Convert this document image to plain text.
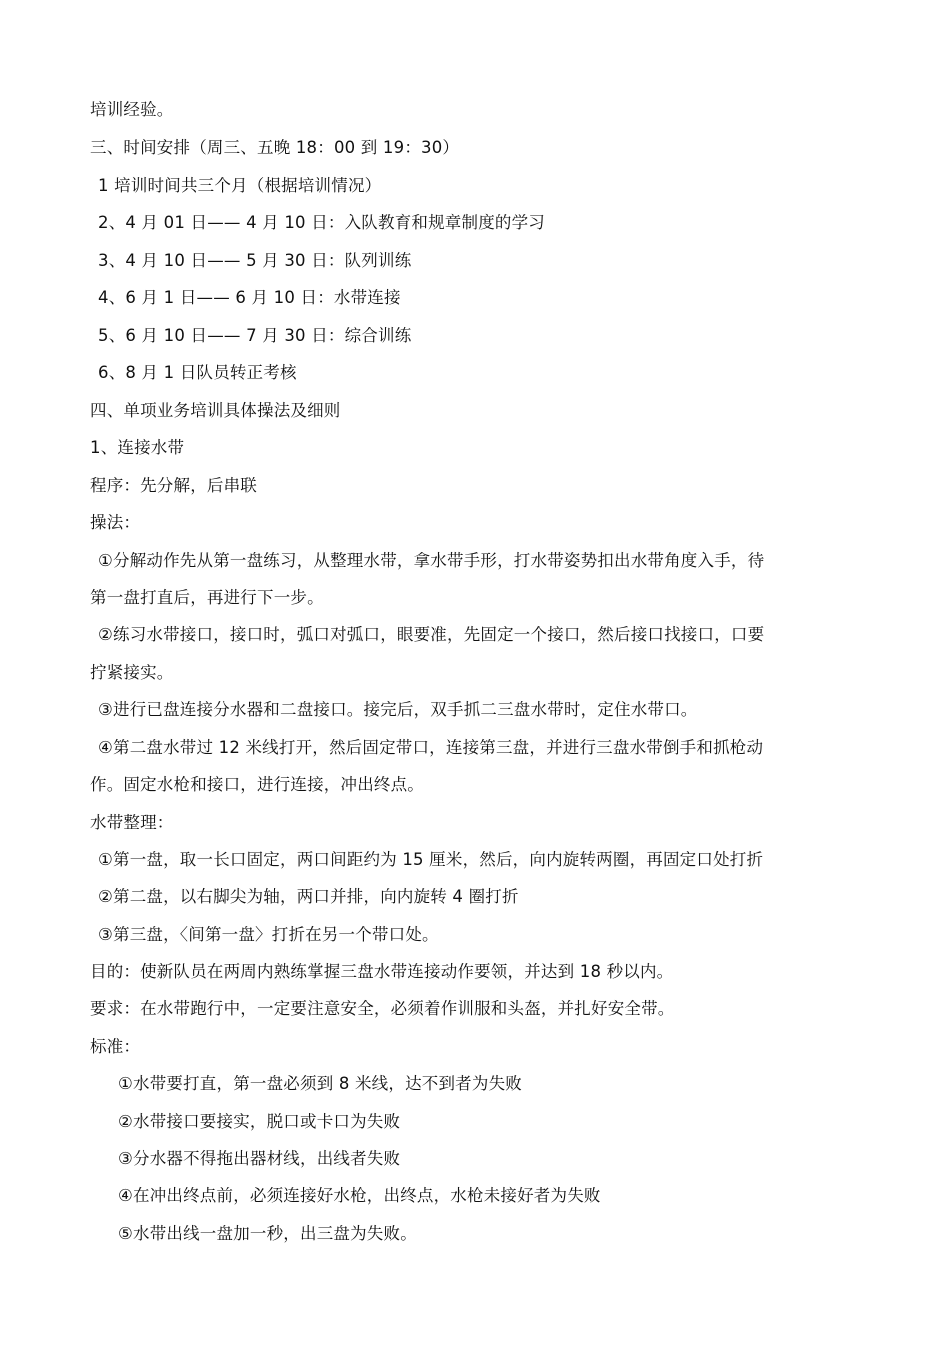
培训经验。
三、时间安排（周三、五晚 18：00 到 19：30）
1 培训时间共三个月（根据培训情况）
2、4 月 01 日—— 4 月 10 日：入队教育和规章制度的学习
3、4 月 10 日—— 5 月 30 日：队列训练
4、6 月 1 日—— 6 月 10 日：水带连接
5、6 月 10 日—— 7 月 30 日：综合训练
6、8 月 1 日队员转正考核
四、单项业务培训具体操法及细则
1、连接水带
程序：先分解，后串联
操法：
①分解动作先从第一盘练习，从整理水带，拿水带手形，打水带姿势扣出水带角度入手，待
第一盘打直后，再进行下一步。
②练习水带接口，接口时，弧口对弧口，眼要准，先固定一个接口，然后接口找接口，口要
拧紧接实。
③进行已盘连接分水器和二盘接口。接完后，双手抓二三盘水带时，定住水带口。
④第二盘水带过 12 米线打开，然后固定带口，连接第三盘，并进行三盘水带倒手和抓枪动
作。固定水枪和接口，进行连接，冲出终点。
水带整理：
①第一盘，取一长口固定，两口间距约为 15 厘米，然后，向内旋转两圈，再固定口处打折
②第二盘，以右脚尖为轴，两口并排，向内旋转 4 圈打折
③第三盘，〈间第一盘〉打折在另一个带口处。
目的：使新队员在两周内熟练掌握三盘水带连接动作要领，并达到 18 秒以内。
要求：在水带跑行中，一定要注意安全，必须着作训服和头盔，并扎好安全带。
标准：
①水带要打直，第一盘必须到 8 米线，达不到者为失败
②水带接口要接实，脱口或卡口为失败
③分水器不得拖出器材线，出线者失败
④在冲出终点前，必须连接好水枪，出终点，水枪未接好者为失败
⑤水带出线一盘加一秒，出三盘为失败。
